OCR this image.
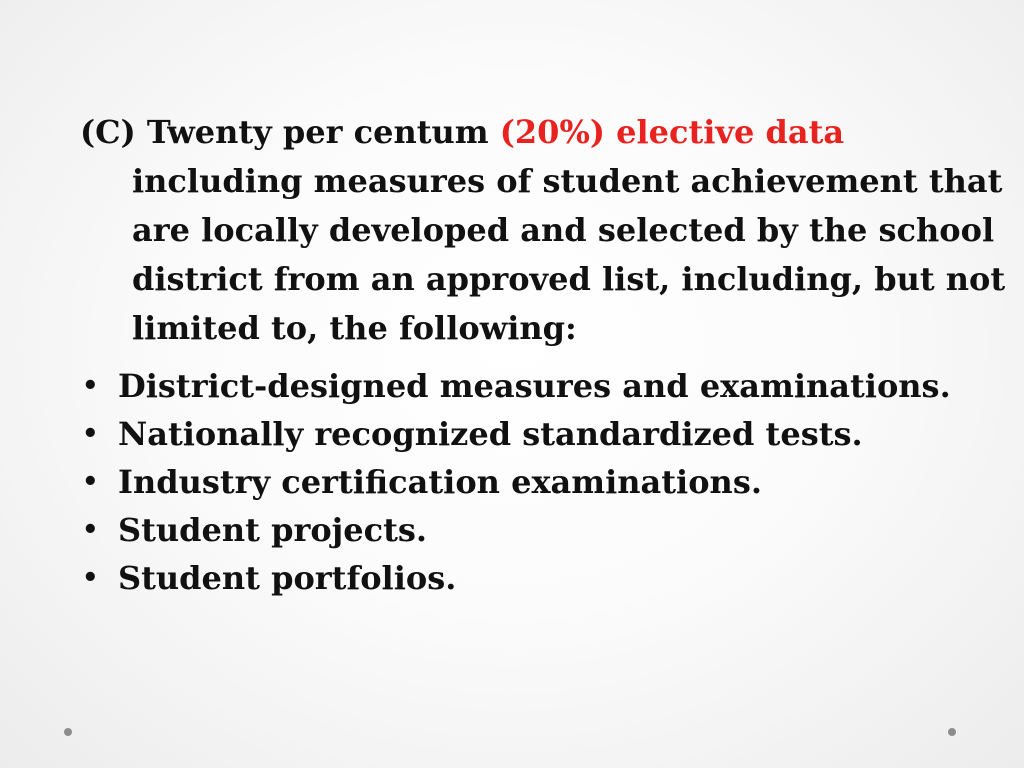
(C) Twenty per centum (20%) elective data including measures of student achievement that are locally developed and selected by the school district from an approved list, including, but not limited to, the following:

• District-designed measures and examinations.
• Nationally recognized standardized tests.
• Industry certification examinations.
• Student projects.
• Student portfolios.
